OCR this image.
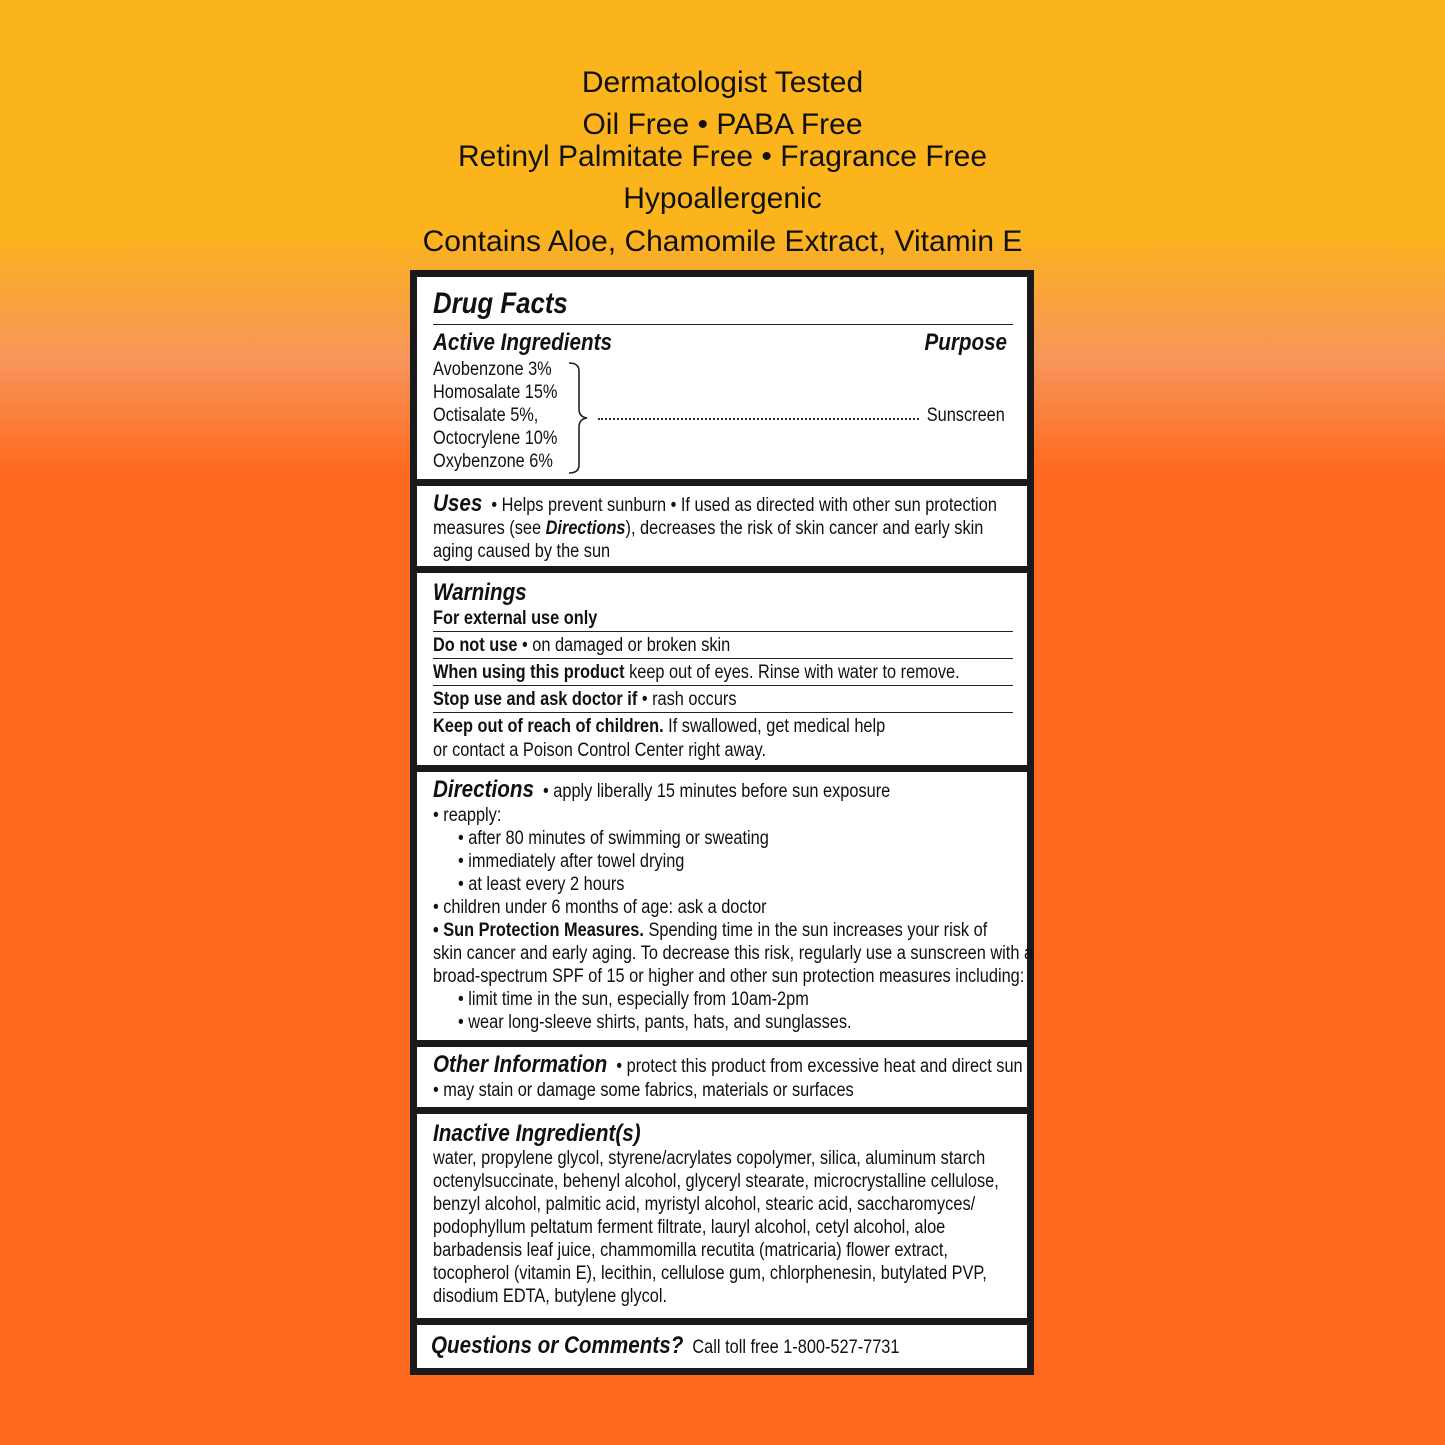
Dermatologist Tested
Oil Free • PABA Free
Retinyl Palmitate Free • Fragrance Free
Hypoallergenic
Contains Aloe, Chamomile Extract, Vitamin E
Drug Facts
Active Ingredients	Purpose
Avobenzone 3%
Homosalate 15%
Octisalate 5%,
Octocrylene 10%
Oxybenzone 6%
Sunscreen
Uses • Helps prevent sunburn • If used as directed with other sun protection
measures (see Directions), decreases the risk of skin cancer and early skin
aging caused by the sun
Warnings
For external use only
Do not use • on damaged or broken skin
When using this product keep out of eyes. Rinse with water to remove.
Stop use and ask doctor if • rash occurs
Keep out of reach of children. If swallowed, get medical help
or contact a Poison Control Center right away.
Directions • apply liberally 15 minutes before sun exposure
• reapply:
• after 80 minutes of swimming or sweating
• immediately after towel drying
• at least every 2 hours
• children under 6 months of age: ask a doctor
• Sun Protection Measures. Spending time in the sun increases your risk of
skin cancer and early aging. To decrease this risk, regularly use a sunscreen with a
broad-spectrum SPF of 15 or higher and other sun protection measures including:
• limit time in the sun, especially from 10am-2pm
• wear long-sleeve shirts, pants, hats, and sunglasses.
Other Information • protect this product from excessive heat and direct sun
• may stain or damage some fabrics, materials or surfaces
Inactive Ingredient(s)
water, propylene glycol, styrene/acrylates copolymer, silica, aluminum starch
octenylsuccinate, behenyl alcohol, glyceryl stearate, microcrystalline cellulose,
benzyl alcohol, palmitic acid, myristyl alcohol, stearic acid, saccharomyces/
podophyllum peltatum ferment filtrate, lauryl alcohol, cetyl alcohol, aloe
barbadensis leaf juice, chammomilla recutita (matricaria) flower extract,
tocopherol (vitamin E), lecithin, cellulose gum, chlorphenesin, butylated PVP,
disodium EDTA, butylene glycol.
Questions or Comments? Call toll free 1-800-527-7731
